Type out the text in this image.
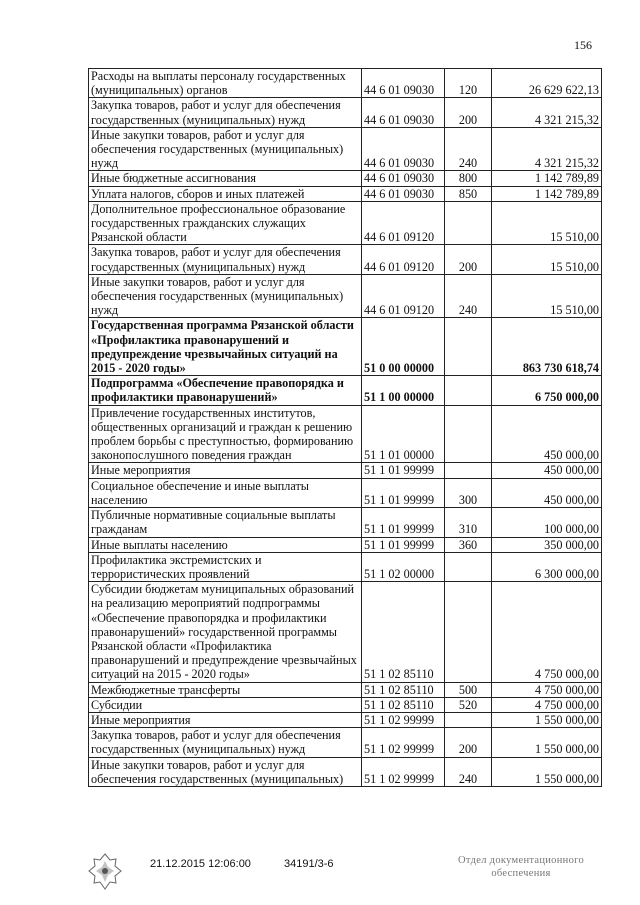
156
Расходы на выплаты персоналу государственных (муниципальных) органов	44 6 01 09030	120	26 629 622,13
Закупка товаров, работ и услуг для обеспечения государственных (муниципальных) нужд	44 6 01 09030	200	4 321 215,32
Иные закупки товаров, работ и услуг для обеспечения государственных (муниципальных) нужд	44 6 01 09030	240	4 321 215,32
Иные бюджетные ассигнования	44 6 01 09030	800	1 142 789,89
Уплата налогов, сборов и иных платежей	44 6 01 09030	850	1 142 789,89
Дополнительное профессиональное образование государственных гражданских служащих Рязанской области	44 6 01 09120		15 510,00
Закупка товаров, работ и услуг для обеспечения государственных (муниципальных) нужд	44 6 01 09120	200	15 510,00
Иные закупки товаров, работ и услуг для обеспечения государственных (муниципальных) нужд	44 6 01 09120	240	15 510,00
Государственная программа Рязанской области «Профилактика правонарушений и предупреждение чрезвычайных ситуаций на 2015 - 2020 годы»	51 0 00 00000		863 730 618,74
Подпрограмма «Обеспечение правопорядка и профилактики правонарушений»	51 1 00 00000		6 750 000,00
Привлечение государственных институтов, общественных организаций и граждан к решению проблем борьбы с преступностью, формированию законопослушного поведения граждан	51 1 01 00000		450 000,00
Иные мероприятия	51 1 01 99999		450 000,00
Социальное обеспечение и иные выплаты населению	51 1 01 99999	300	450 000,00
Публичные нормативные социальные выплаты гражданам	51 1 01 99999	310	100 000,00
Иные выплаты населению	51 1 01 99999	360	350 000,00
Профилактика экстремистских и террористических проявлений	51 1 02 00000		6 300 000,00
Субсидии бюджетам муниципальных образований на реализацию мероприятий подпрограммы «Обеспечение правопорядка и профилактики правонарушений» государственной программы Рязанской области «Профилактика правонарушений и предупреждение чрезвычайных ситуаций на 2015 - 2020 годы»	51 1 02 85110		4 750 000,00
Межбюджетные трансферты	51 1 02 85110	500	4 750 000,00
Субсидии	51 1 02 85110	520	4 750 000,00
Иные мероприятия	51 1 02 99999		1 550 000,00
Закупка товаров, работ и услуг для обеспечения государственных (муниципальных) нужд	51 1 02 99999	200	1 550 000,00
Иные закупки товаров, работ и услуг для обеспечения государственных (муниципальных)	51 1 02 99999	240	1 550 000,00
21.12.2015 12:06:00	34191/3-6	Отдел документационного
обеспечения
